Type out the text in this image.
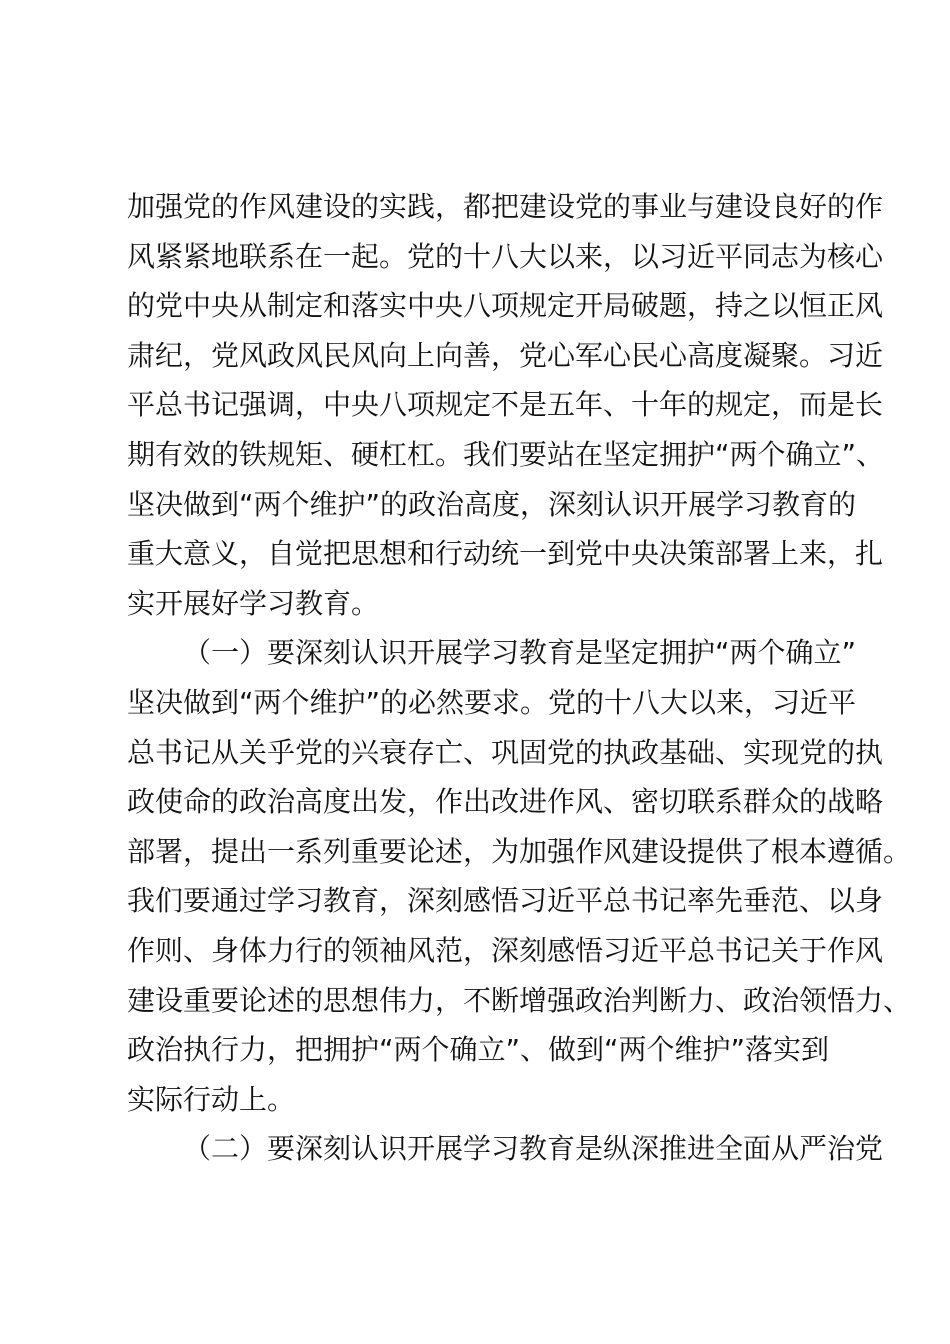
加强党的作风建设的实践，都把建设党的事业与建设良好的作
风紧紧地联系在一起。党的十八大以来，以习近平同志为核心
的党中央从制定和落实中央八项规定开局破题，持之以恒正风
肃纪，党风政风民风向上向善，党心军心民心高度凝聚。习近
平总书记强调，中央八项规定不是五年、十年的规定，而是长
期有效的铁规矩、硬杠杠。我们要站在坚定拥护“两个确立”、
坚决做到“两个维护”的政治高度，深刻认识开展学习教育的
重大意义，自觉把思想和行动统一到党中央决策部署上来，扎
实开展好学习教育。
（一）要深刻认识开展学习教育是坚定拥护“两个确立”
坚决做到“两个维护”的必然要求。党的十八大以来，习近平
总书记从关乎党的兴衰存亡、巩固党的执政基础、实现党的执
政使命的政治高度出发，作出改进作风、密切联系群众的战略
部署，提出一系列重要论述，为加强作风建设提供了根本遵循。
我们要通过学习教育，深刻感悟习近平总书记率先垂范、以身
作则、身体力行的领袖风范，深刻感悟习近平总书记关于作风
建设重要论述的思想伟力，不断增强政治判断力、政治领悟力、
政治执行力，把拥护“两个确立”、做到“两个维护”落实到
实际行动上。
（二）要深刻认识开展学习教育是纵深推进全面从严治党
